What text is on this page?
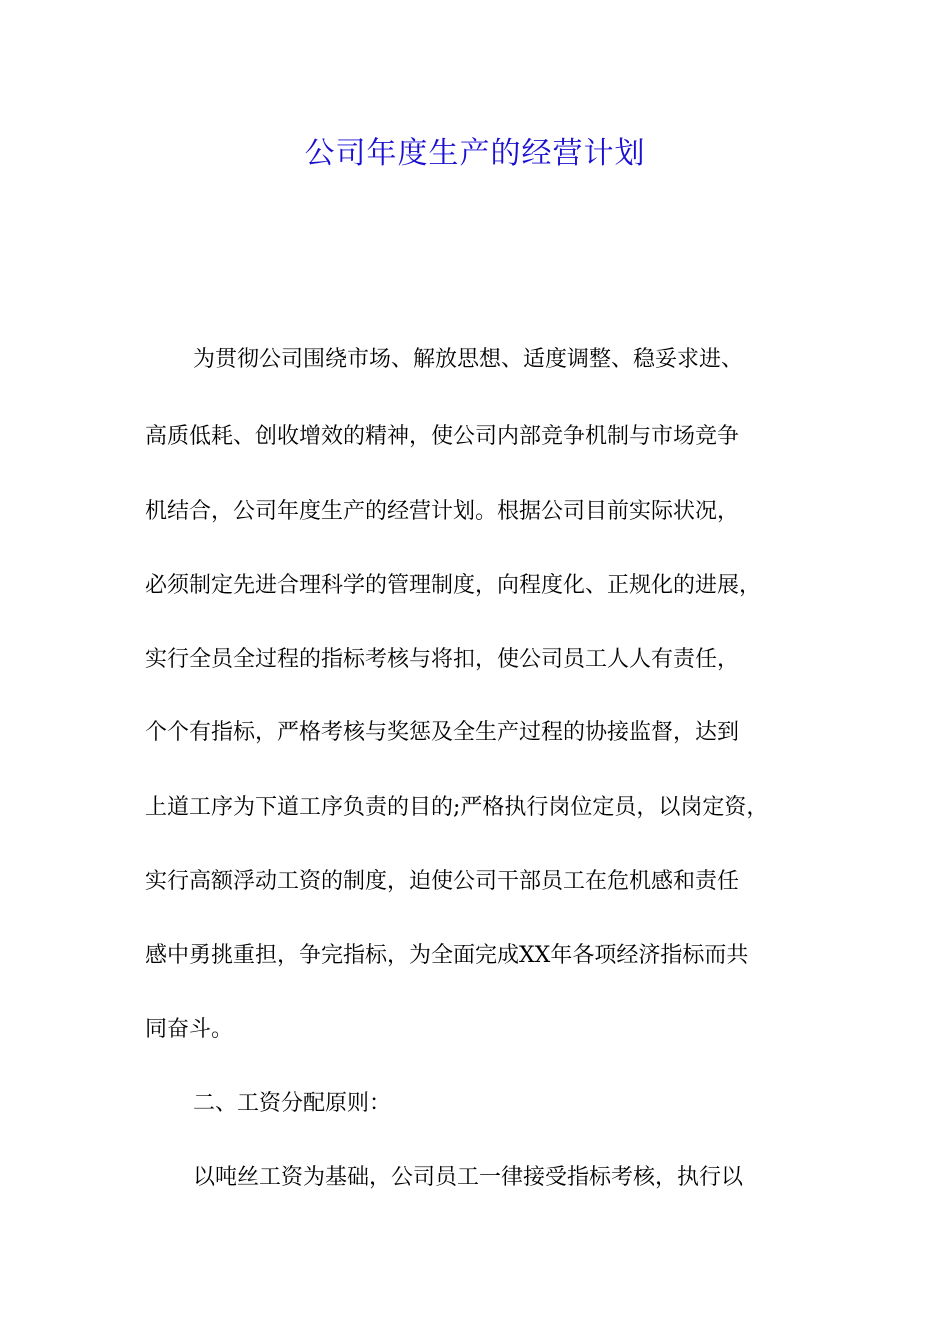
公司年度生产的经营计划
为贯彻公司围绕市场、解放思想、适度调整、稳妥求进、
高质低耗、创收增效的精神，使公司内部竞争机制与市场竞争
机结合，公司年度生产的经营计划。根据公司目前实际状况，
必须制定先进合理科学的管理制度，向程度化、正规化的进展，
实行全员全过程的指标考核与将扣，使公司员工人人有责任，
个个有指标，严格考核与奖惩及全生产过程的协接监督，达到
上道工序为下道工序负责的目的;严格执行岗位定员，以岗定资，
实行高额浮动工资的制度，迫使公司干部员工在危机感和责任
感中勇挑重担，争完指标，为全面完成XX年各项经济指标而共
同奋斗。
二、工资分配原则：
以吨丝工资为基础，公司员工一律接受指标考核，执行以
